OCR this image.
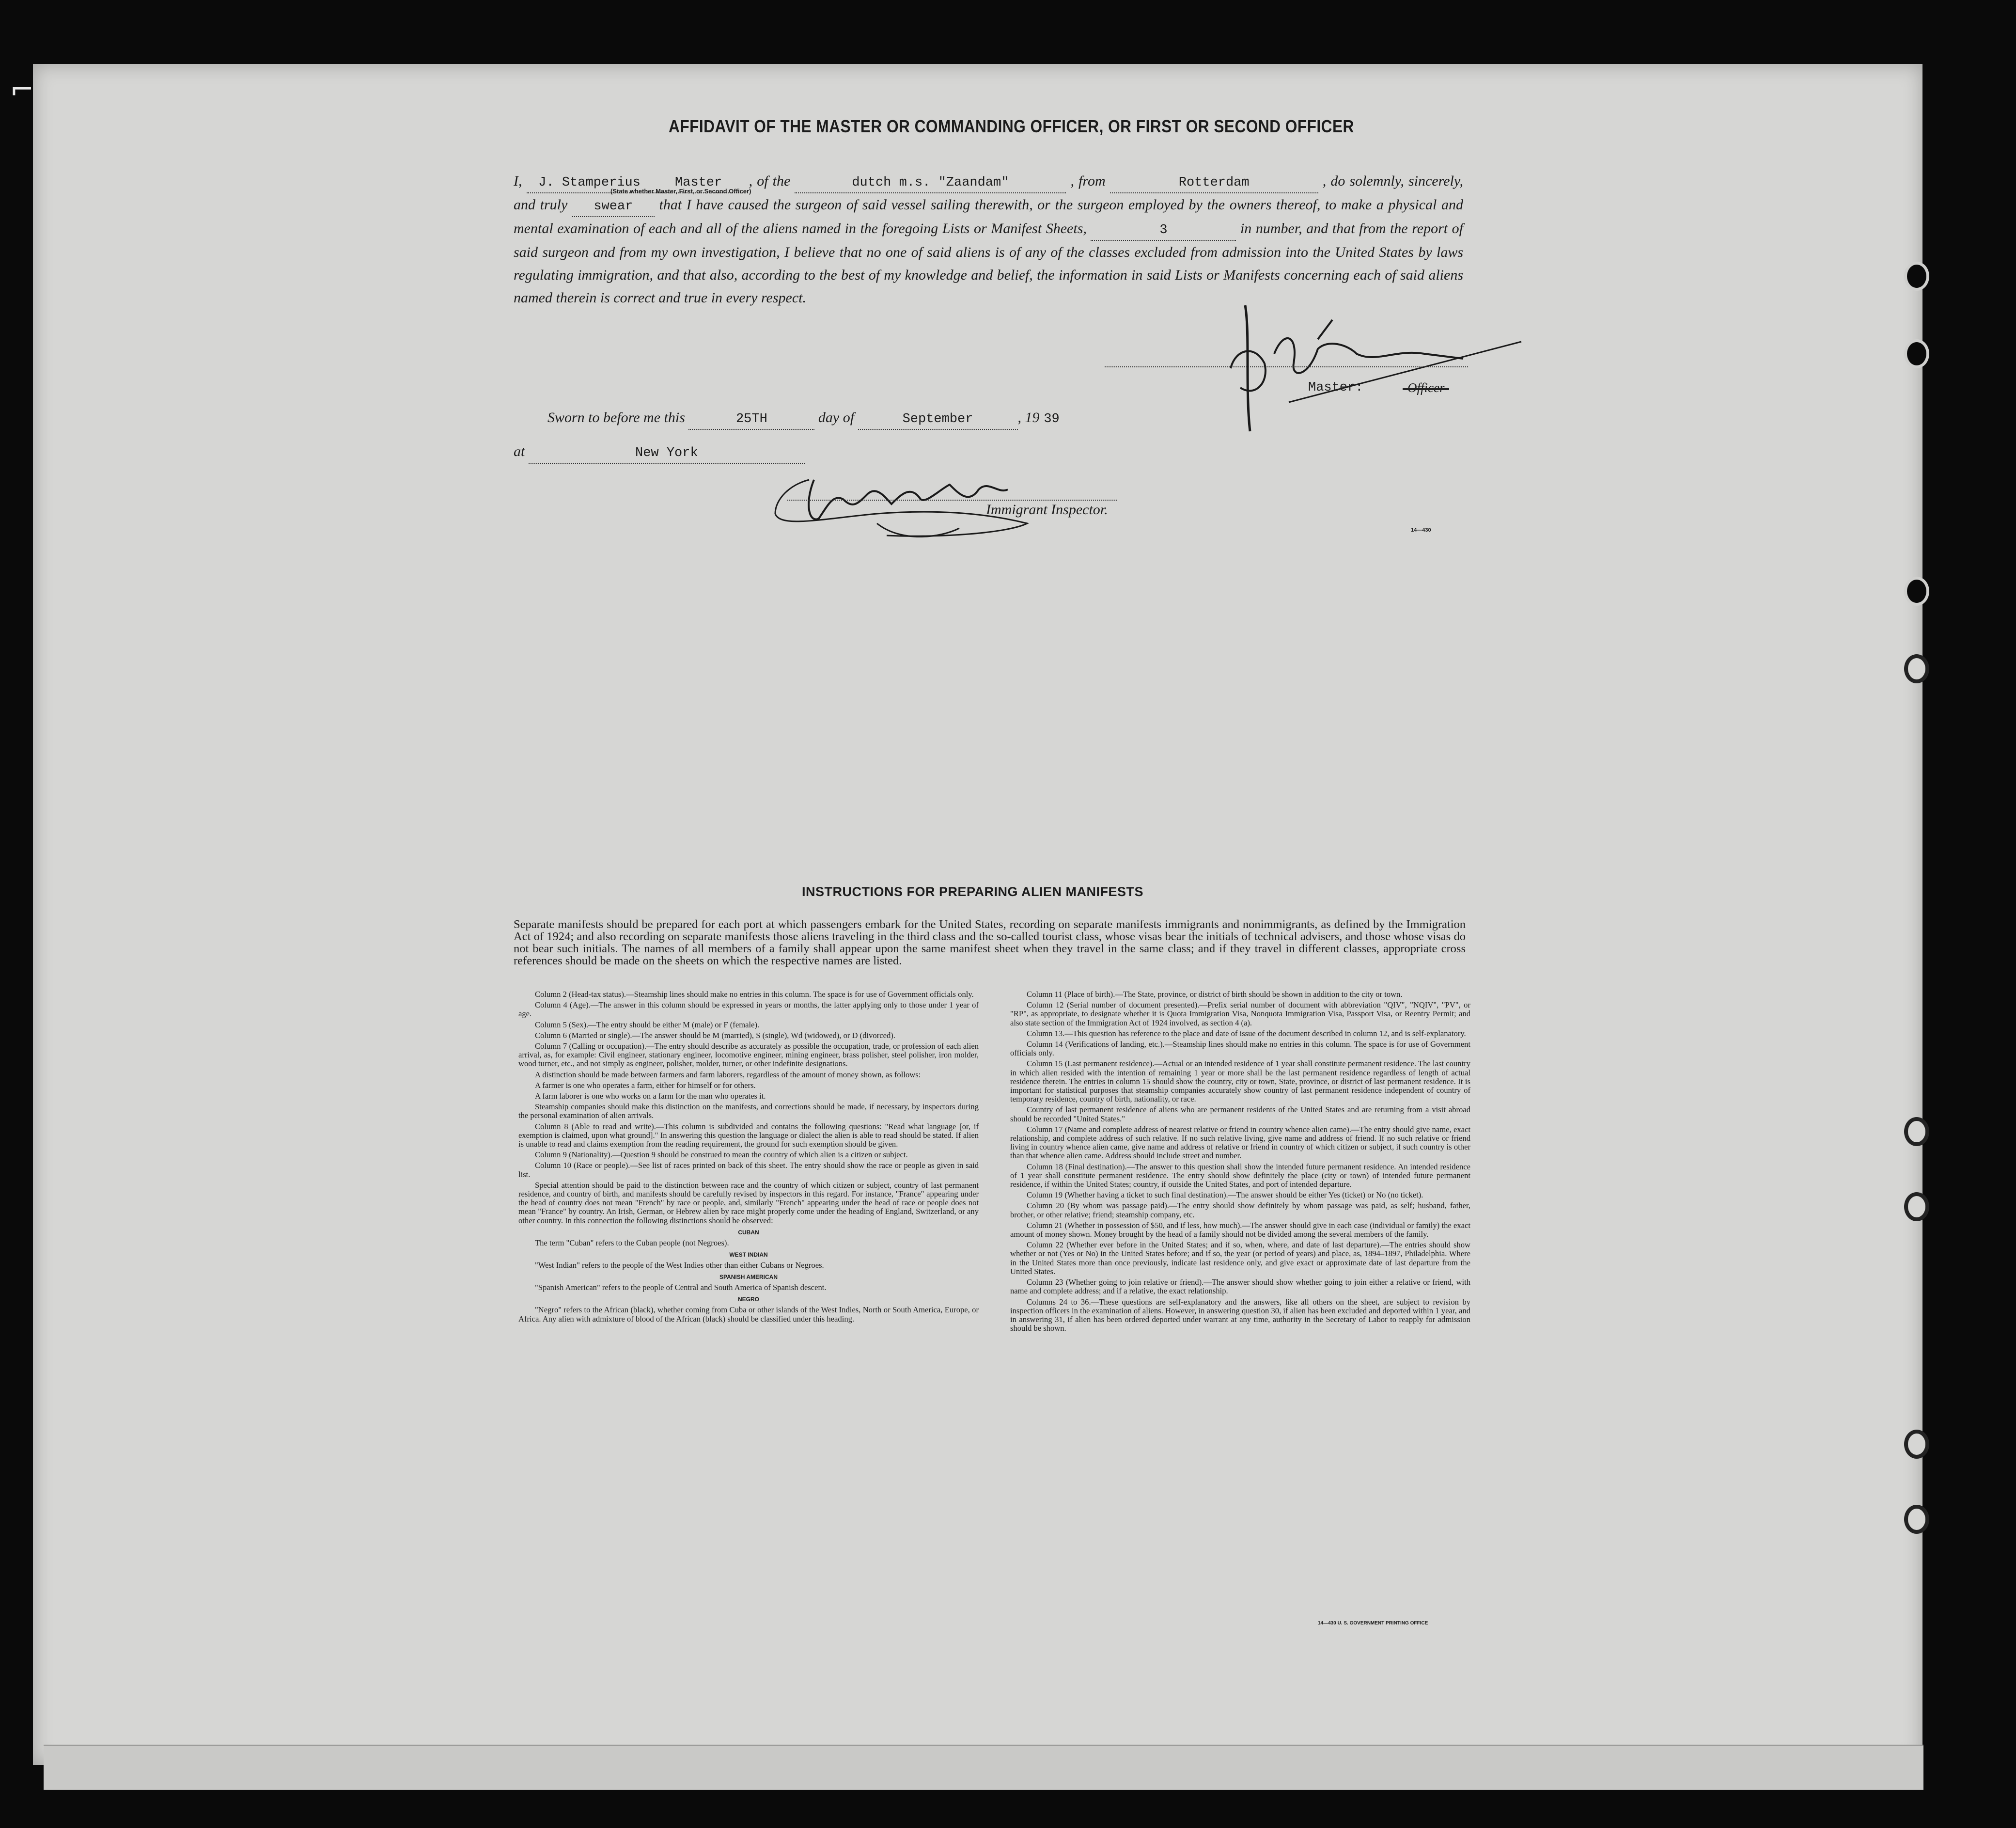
⌐
AFFIDAVIT OF THE MASTER OR COMMANDING OFFICER, OR FIRST OR SECOND OFFICER
I, J. Stamperius	Master , of the	dutch m.s. "Zaandam"	, from	Rotterdam	, do solemnly, sincerely, and truly swear that I have caused the surgeon of said vessel sailing therewith, or the surgeon employed by the owners thereof, to make a physical and mental examination of each and all of the aliens named in the foregoing Lists or Manifest Sheets,	3	in number, and that from the report of said surgeon and from my own investigation, I believe that no one of said aliens is of any of the classes excluded from admission into the United States by laws regulating immigration, and that also, according to the best of my knowledge and belief, the information in said Lists or Manifests concerning each of said aliens named therein is correct and true in every respect.
(State whether Master, First, or Second Officer)
Master:	Officer
Sworn to before me this	25TH	day of	September	, 19 39
at	New York
Immigrant Inspector.
14—430
INSTRUCTIONS FOR PREPARING ALIEN MANIFESTS
Separate manifests should be prepared for each port at which passengers embark for the United States, recording on separate manifests immigrants and nonimmigrants, as defined by the Immigration Act of 1924; and also recording on separate manifests those aliens traveling in the third class and the so-called tourist class, whose visas bear the initials of technical advisers, and those whose visas do not bear such initials. The names of all members of a family shall appear upon the same manifest sheet when they travel in the same class; and if they travel in different classes, appropriate cross references should be made on the sheets on which the respective names are listed.

Column 2 (Head-tax status).—Steamship lines should make no entries in this column. The space is for use of Government officials only.

Column 4 (Age).—The answer in this column should be expressed in years or months, the latter applying only to those under 1 year of age.

Column 5 (Sex).—The entry should be either M (male) or F (female).

Column 6 (Married or single).—The answer should be M (married), S (single), Wd (widowed), or D (divorced).

Column 7 (Calling or occupation).—The entry should describe as accurately as possible the occupation, trade, or profession of each alien arrival, as, for example: Civil engineer, stationary engineer, locomotive engineer, mining engineer, brass polisher, steel polisher, iron molder, wood turner, etc., and not simply as engineer, polisher, molder, turner, or other indefinite designations.

A distinction should be made between farmers and farm laborers, regardless of the amount of money shown, as follows:

A farmer is one who operates a farm, either for himself or for others.

A farm laborer is one who works on a farm for the man who operates it.

Steamship companies should make this distinction on the manifests, and corrections should be made, if necessary, by inspectors during the personal examination of alien arrivals.

Column 8 (Able to read and write).—This column is subdivided and contains the following questions: "Read what language [or, if exemption is claimed, upon what ground]." In answering this question the language or dialect the alien is able to read should be stated. If alien is unable to read and claims exemption from the reading requirement, the ground for such exemption should be given.

Column 9 (Nationality).—Question 9 should be construed to mean the country of which alien is a citizen or subject.

Column 10 (Race or people).—See list of races printed on back of this sheet. The entry should show the race or people as given in said list.

Special attention should be paid to the distinction between race and the country of which citizen or subject, country of last permanent residence, and country of birth, and manifests should be carefully revised by inspectors in this regard. For instance, "France" appearing under the head of country does not mean "French" by race or people, and, similarly "French" appearing under the head of race or people does not mean "France" by country. An Irish, German, or Hebrew alien by race might properly come under the heading of England, Switzerland, or any other country. In this connection the following distinctions should be observed:

CUBAN

The term "Cuban" refers to the Cuban people (not Negroes).

WEST INDIAN

"West Indian" refers to the people of the West Indies other than either Cubans or Negroes.

SPANISH AMERICAN

"Spanish American" refers to the people of Central and South America of Spanish descent.

NEGRO

"Negro" refers to the African (black), whether coming from Cuba or other islands of the West Indies, North or South America, Europe, or Africa. Any alien with admixture of blood of the African (black) should be classified under this heading.

Column 11 (Place of birth).—The State, province, or district of birth should be shown in addition to the city or town.

Column 12 (Serial number of document presented).—Prefix serial number of document with abbreviation "QIV", "NQIV", "PV", or "RP", as appropriate, to designate whether it is Quota Immigration Visa, Nonquota Immigration Visa, Passport Visa, or Reentry Permit; and also state section of the Immigration Act of 1924 involved, as section 4 (a).

Column 13.—This question has reference to the place and date of issue of the document described in column 12, and is self-explanatory.

Column 14 (Verifications of landing, etc.).—Steamship lines should make no entries in this column. The space is for use of Government officials only.

Column 15 (Last permanent residence).—Actual or an intended residence of 1 year shall constitute permanent residence. The last country in which alien resided with the intention of remaining 1 year or more shall be the last permanent residence regardless of length of actual residence therein. The entries in column 15 should show the country, city or town, State, province, or district of last permanent residence. It is important for statistical purposes that steamship companies accurately show country of last permanent residence independent of country of temporary residence, country of birth, nationality, or race.

Country of last permanent residence of aliens who are permanent residents of the United States and are returning from a visit abroad should be recorded "United States."

Column 17 (Name and complete address of nearest relative or friend in country whence alien came).—The entry should give name, exact relationship, and complete address of such relative. If no such relative living, give name and address of friend. If no such relative or friend living in country whence alien came, give name and address of relative or friend in country of which citizen or subject, if such country is other than that whence alien came. Address should include street and number.

Column 18 (Final destination).—The answer to this question shall show the intended future permanent residence. An intended residence of 1 year shall constitute permanent residence. The entry should show definitely the place (city or town) of intended future permanent residence, if within the United States; country, if outside the United States, and port of intended departure.

Column 19 (Whether having a ticket to such final destination).—The answer should be either Yes (ticket) or No (no ticket).

Column 20 (By whom was passage paid).—The entry should show definitely by whom passage was paid, as self; husband, father, brother, or other relative; friend; steamship company, etc.

Column 21 (Whether in possession of $50, and if less, how much).—The answer should give in each case (individual or family) the exact amount of money shown. Money brought by the head of a family should not be divided among the several members of the family.

Column 22 (Whether ever before in the United States; and if so, when, where, and date of last departure).—The entries should show whether or not (Yes or No) in the United States before; and if so, the year (or period of years) and place, as, 1894–1897, Philadelphia. Where in the United States more than once previously, indicate last residence only, and give exact or approximate date of last departure from the United States.

Column 23 (Whether going to join relative or friend).—The answer should show whether going to join either a relative or friend, with name and complete address; and if a relative, the exact relationship.

Columns 24 to 36.—These questions are self-explanatory and the answers, like all others on the sheet, are subject to revision by inspection officers in the examination of aliens. However, in answering question 30, if alien has been excluded and deported within 1 year, and in answering 31, if alien has been ordered deported under warrant at any time, authority in the Secretary of Labor to reapply for admission should be shown.

14—430 U. S. GOVERNMENT PRINTING OFFICE
